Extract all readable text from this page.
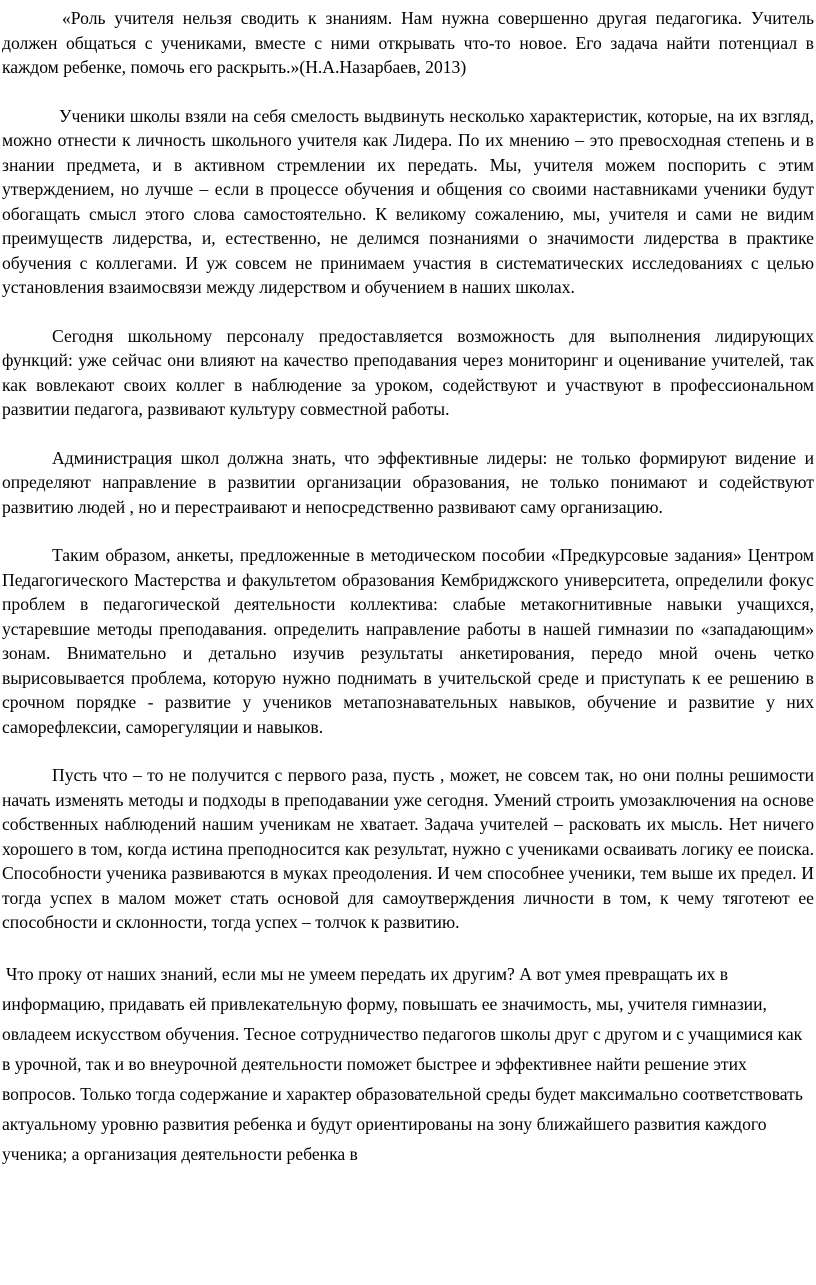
«Роль учителя нельзя сводить к знаниям. Нам нужна совершенно другая педагогика. Учитель должен общаться с учениками, вместе с ними открывать что-то новое. Его задача найти потенциал в каждом ребенке, помочь его раскрыть.»(Н.А.Назарбаев, 2013)

Ученики школы взяли на себя смелость выдвинуть несколько характеристик, которые, на их взгляд, можно отнести к личность школьного учителя как Лидера. По их мнению – это превосходная степень и в знании предмета, и в активном стремлении их передать. Мы, учителя можем поспорить с этим утверждением, но лучше – если в процессе обучения и общения со своими наставниками ученики будут обогащать смысл этого слова самостоятельно. К великому сожалению, мы, учителя и сами не видим преимуществ лидерства, и, естественно, не делимся познаниями о значимости лидерства в практике обучения с коллегами. И уж совсем не принимаем участия в систематических исследованиях с целью установления взаимосвязи между лидерством и обучением в наших школах.

Сегодня школьному персоналу предоставляется возможность для выполнения лидирующих функций: уже сейчас они влияют на качество преподавания через мониторинг и оценивание учителей, так как вовлекают своих коллег в наблюдение за уроком, содействуют и участвуют в профессиональном развитии педагога, развивают культуру совместной работы.

Администрация школ должна знать, что эффективные лидеры: не только формируют видение и определяют направление в развитии организации образования, не только понимают и содействуют развитию людей , но и перестраивают и непосредственно развивают саму организацию.

Таким образом, анкеты, предложенные в методическом пособии «Предкурсовые задания» Центром Педагогического Мастерства и факультетом образования Кембриджского университета, определили фокус проблем в педагогической деятельности коллектива: слабые метакогнитивные навыки учащихся, устаревшие методы преподавания. определить направление работы в нашей гимназии по «западающим» зонам. Внимательно и детально изучив результаты анкетирования, передо мной очень четко вырисовывается проблема, которую нужно поднимать в учительской среде и приступать к ее решению в срочном порядке - развитие у учеников метапознавательных навыков, обучение и развитие у них саморефлексии, саморегуляции и навыков.

Пусть что – то не получится с первого раза, пусть , может, не совсем так, но они полны решимости начать изменять методы и подходы в преподавании уже сегодня. Умений строить умозаключения на основе собственных наблюдений нашим ученикам не хватает. Задача учителей – расковать их мысль. Нет ничего хорошего в том, когда истина преподносится как результат, нужно с учениками осваивать логику ее поиска. Способности ученика развиваются в муках преодоления. И чем способнее ученики, тем выше их предел. И тогда успех в малом может стать основой для самоутверждения личности в том, к чему тяготеют ее способности и склонности, тогда успех – толчок к развитию.

Что проку от наших знаний, если мы не умеем передать их другим? А вот умея превращать их в информацию, придавать ей привлекательную форму, повышать ее значимость, мы, учителя гимназии, овладеем искусством обучения. Тесное сотрудничество педагогов школы друг с другом и с учащимися как в урочной, так и во внеурочной деятельности поможет быстрее и эффективнее найти решение этих вопросов. Только тогда содержание и характер образовательной среды будет максимально соответствовать актуальному уровню развития ребенка и будут ориентированы на зону ближайшего развития каждого ученика; а организация деятельности ребенка в
